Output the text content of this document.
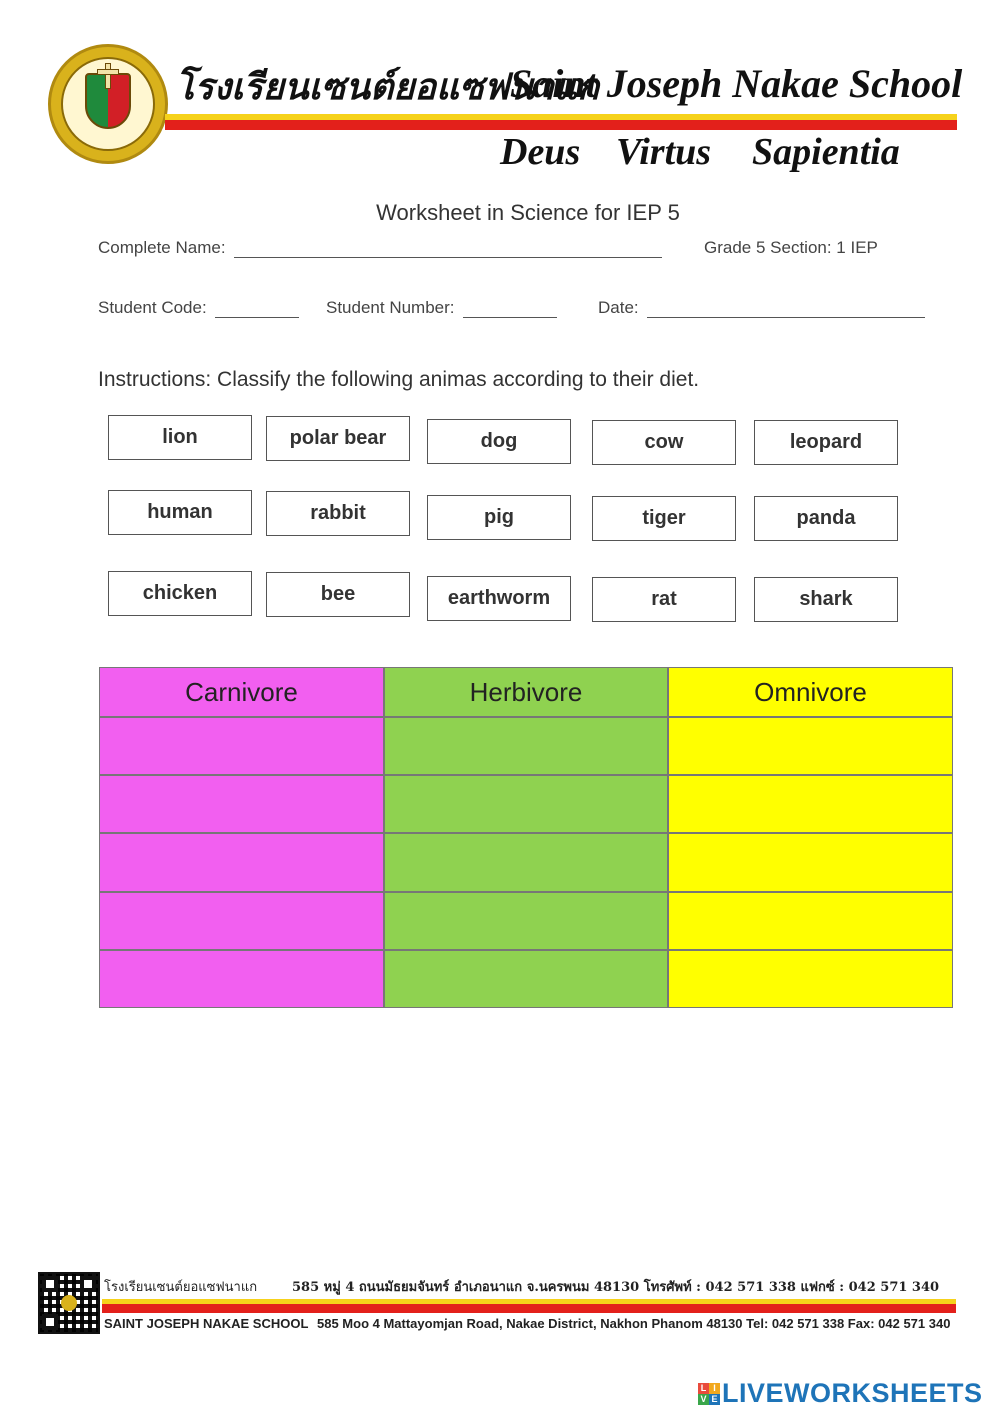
โรงเรียนเซนต์ยอแซฟนาแก
Saint Joseph Nakae School
Deus Virtus Sapientia
Worksheet in Science for IEP 5
Complete Name:	Grade 5 Section: 1 IEP
Student Code:	Student Number:	Date:
Instructions: Classify the following animas according to their diet.
lion	polar bear	dog	cow	leopard
human	rabbit	pig	tiger	panda
chicken	bee	earthworm	rat	shark
Carnivore	Herbivore	Omnivore
โรงเรียนเซนต์ยอแซฟนาแก	585 หมู่ 4 ถนนมัธยมจันทร์ อำเภอนาแก จ.นครพนม 48130 โทรศัพท์ : 042 571 338 แฟกซ์ : 042 571 340
SAINT JOSEPH NAKAE SCHOOL 585 Moo 4 Mattayomjan Road, Nakae District, Nakhon Phanom 48130 Tel: 042 571 338 Fax: 042 571 340
L I
V E LIVEWORKSHEETS
